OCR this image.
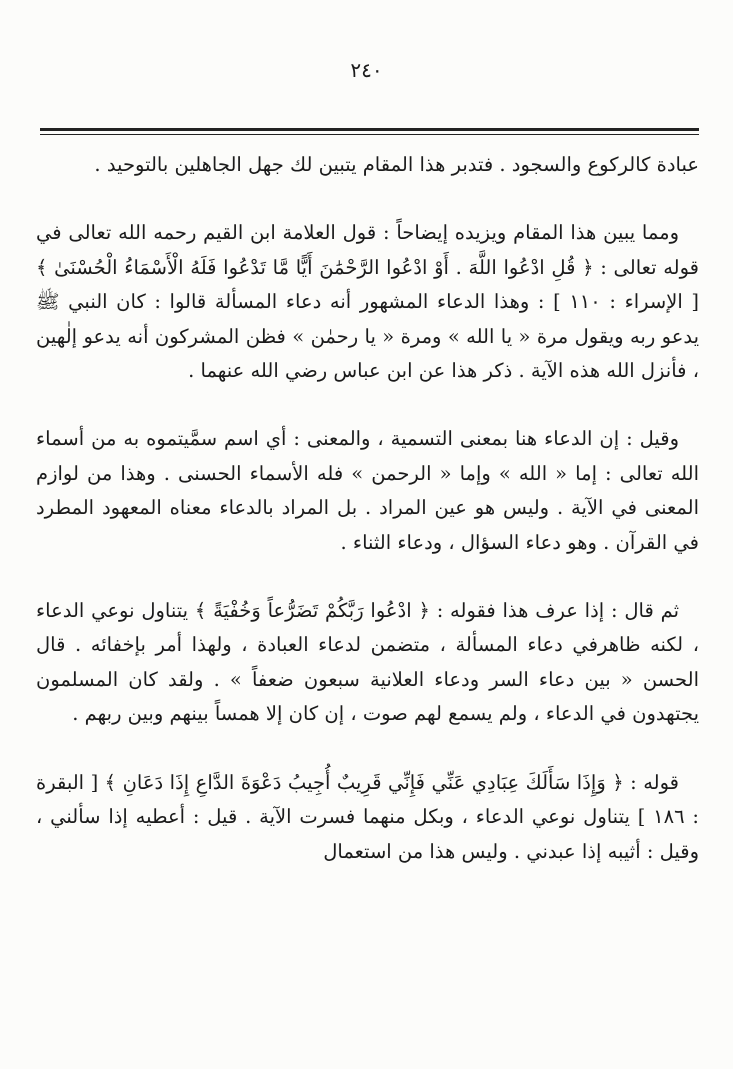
٢٤٠

عبادة كالركوع والسجود . فتدبر هذا المقام يتبين لك جهل الجاهلين بالتوحيد .

ومما يبين هذا المقام ويزيده إيضاحاً : قول العلامة ابن القيم رحمه الله تعالى في قوله تعالى : ﴿ قُلِ ادْعُوا اللَّهَ . أَوْ ادْعُوا الرَّحْمَٰنَ أَيًّا مَّا تَدْعُوا فَلَهُ الْأَسْمَاءُ الْحُسْنَىٰ ﴾ [ الإسراء : ١١٠ ] : وهذا الدعاء المشهور أنه دعاء المسألة قالوا : كان النبي ﷺ يدعو ربه ويقول مرة « يا الله » ومرة « يا رحمٰن » فظن المشركون أنه يدعو إلٰهين ، فأنزل الله هذه الآية . ذكر هذا عن ابن عباس رضي الله عنهما .

وقيل : إن الدعاء هنا بمعنى التسمية ، والمعنى : أي اسم سمَّيتموه به من أسماء الله تعالى : إما « الله » وإما « الرحمن » فله الأسماء الحسنى . وهذا من لوازم المعنى في الآية . وليس هو عين المراد . بل المراد بالدعاء معناه المعهود المطرد في القرآن . وهو دعاء السؤال ، ودعاء الثناء .

ثم قال : إذا عرف هذا فقوله : ﴿ ادْعُوا رَبَّكُمْ تَضَرُّعاً وَخُفْيَةً ﴾ يتناول نوعي الدعاء ، لكنه ظاهرفي دعاء المسألة ، متضمن لدعاء العبادة ، ولهذا أمر بإخفائه . قال الحسن « بين دعاء السر ودعاء العلانية سبعون ضعفاً » . ولقد كان المسلمون يجتهدون في الدعاء ، ولم يسمع لهم صوت ، إن كان إلا همساً بينهم وبين ربهم .

قوله : ﴿ وَإِذَا سَأَلَكَ عِبَادِي عَنِّي فَإِنِّي قَرِيبٌ أُجِيبُ دَعْوَةَ الدَّاعِ إِذَا دَعَانِ ﴾ [ البقرة : ١٨٦ ] يتناول نوعي الدعاء ، وبكل منهما فسرت الآية . قيل : أعطيه إذا سألني ، وقيل : أثيبه إذا عبدني . وليس هذا من استعمال
